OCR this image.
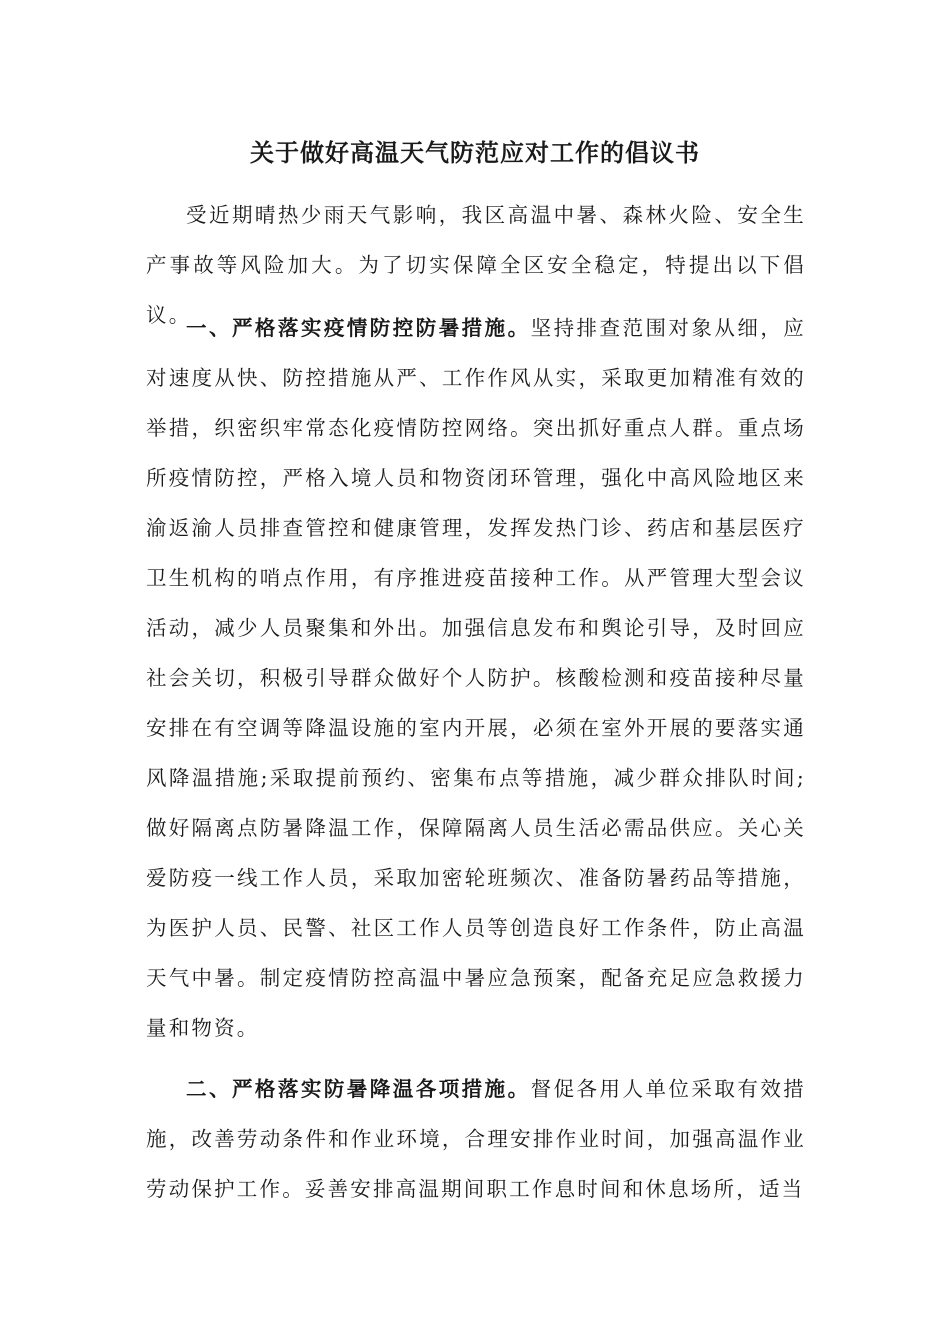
关于做好高温天气防范应对工作的倡议书

受近期晴热少雨天气影响，我区高温中暑、森林火险、安全生产事故等风险加大。为了切实保障全区安全稳定，特提出以下倡议。

一、严格落实疫情防控防暑措施。坚持排查范围对象从细，应对速度从快、防控措施从严、工作作风从实，采取更加精准有效的举措，织密织牢常态化疫情防控网络。突出抓好重点人群。重点场所疫情防控，严格入境人员和物资闭环管理，强化中高风险地区来渝返渝人员排查管控和健康管理，发挥发热门诊、药店和基层医疗卫生机构的哨点作用，有序推进疫苗接种工作。从严管理大型会议活动，减少人员聚集和外出。加强信息发布和舆论引导，及时回应社会关切，积极引导群众做好个人防护。核酸检测和疫苗接种尽量安排在有空调等降温设施的室内开展，必须在室外开展的要落实通风降温措施;采取提前预约、密集布点等措施，减少群众排队时间;做好隔离点防暑降温工作，保障隔离人员生活必需品供应。关心关爱防疫一线工作人员，采取加密轮班频次、准备防暑药品等措施，为医护人员、民警、社区工作人员等创造良好工作条件，防止高温天气中暑。制定疫情防控高温中暑应急预案，配备充足应急救援力量和物资。

二、严格落实防暑降温各项措施。督促各用人单位采取有效措施，改善劳动条件和作业环境，合理安排作业时间，加强高温作业劳动保护工作。妥善安排高温期间职工作息时间和休息场所，适当
